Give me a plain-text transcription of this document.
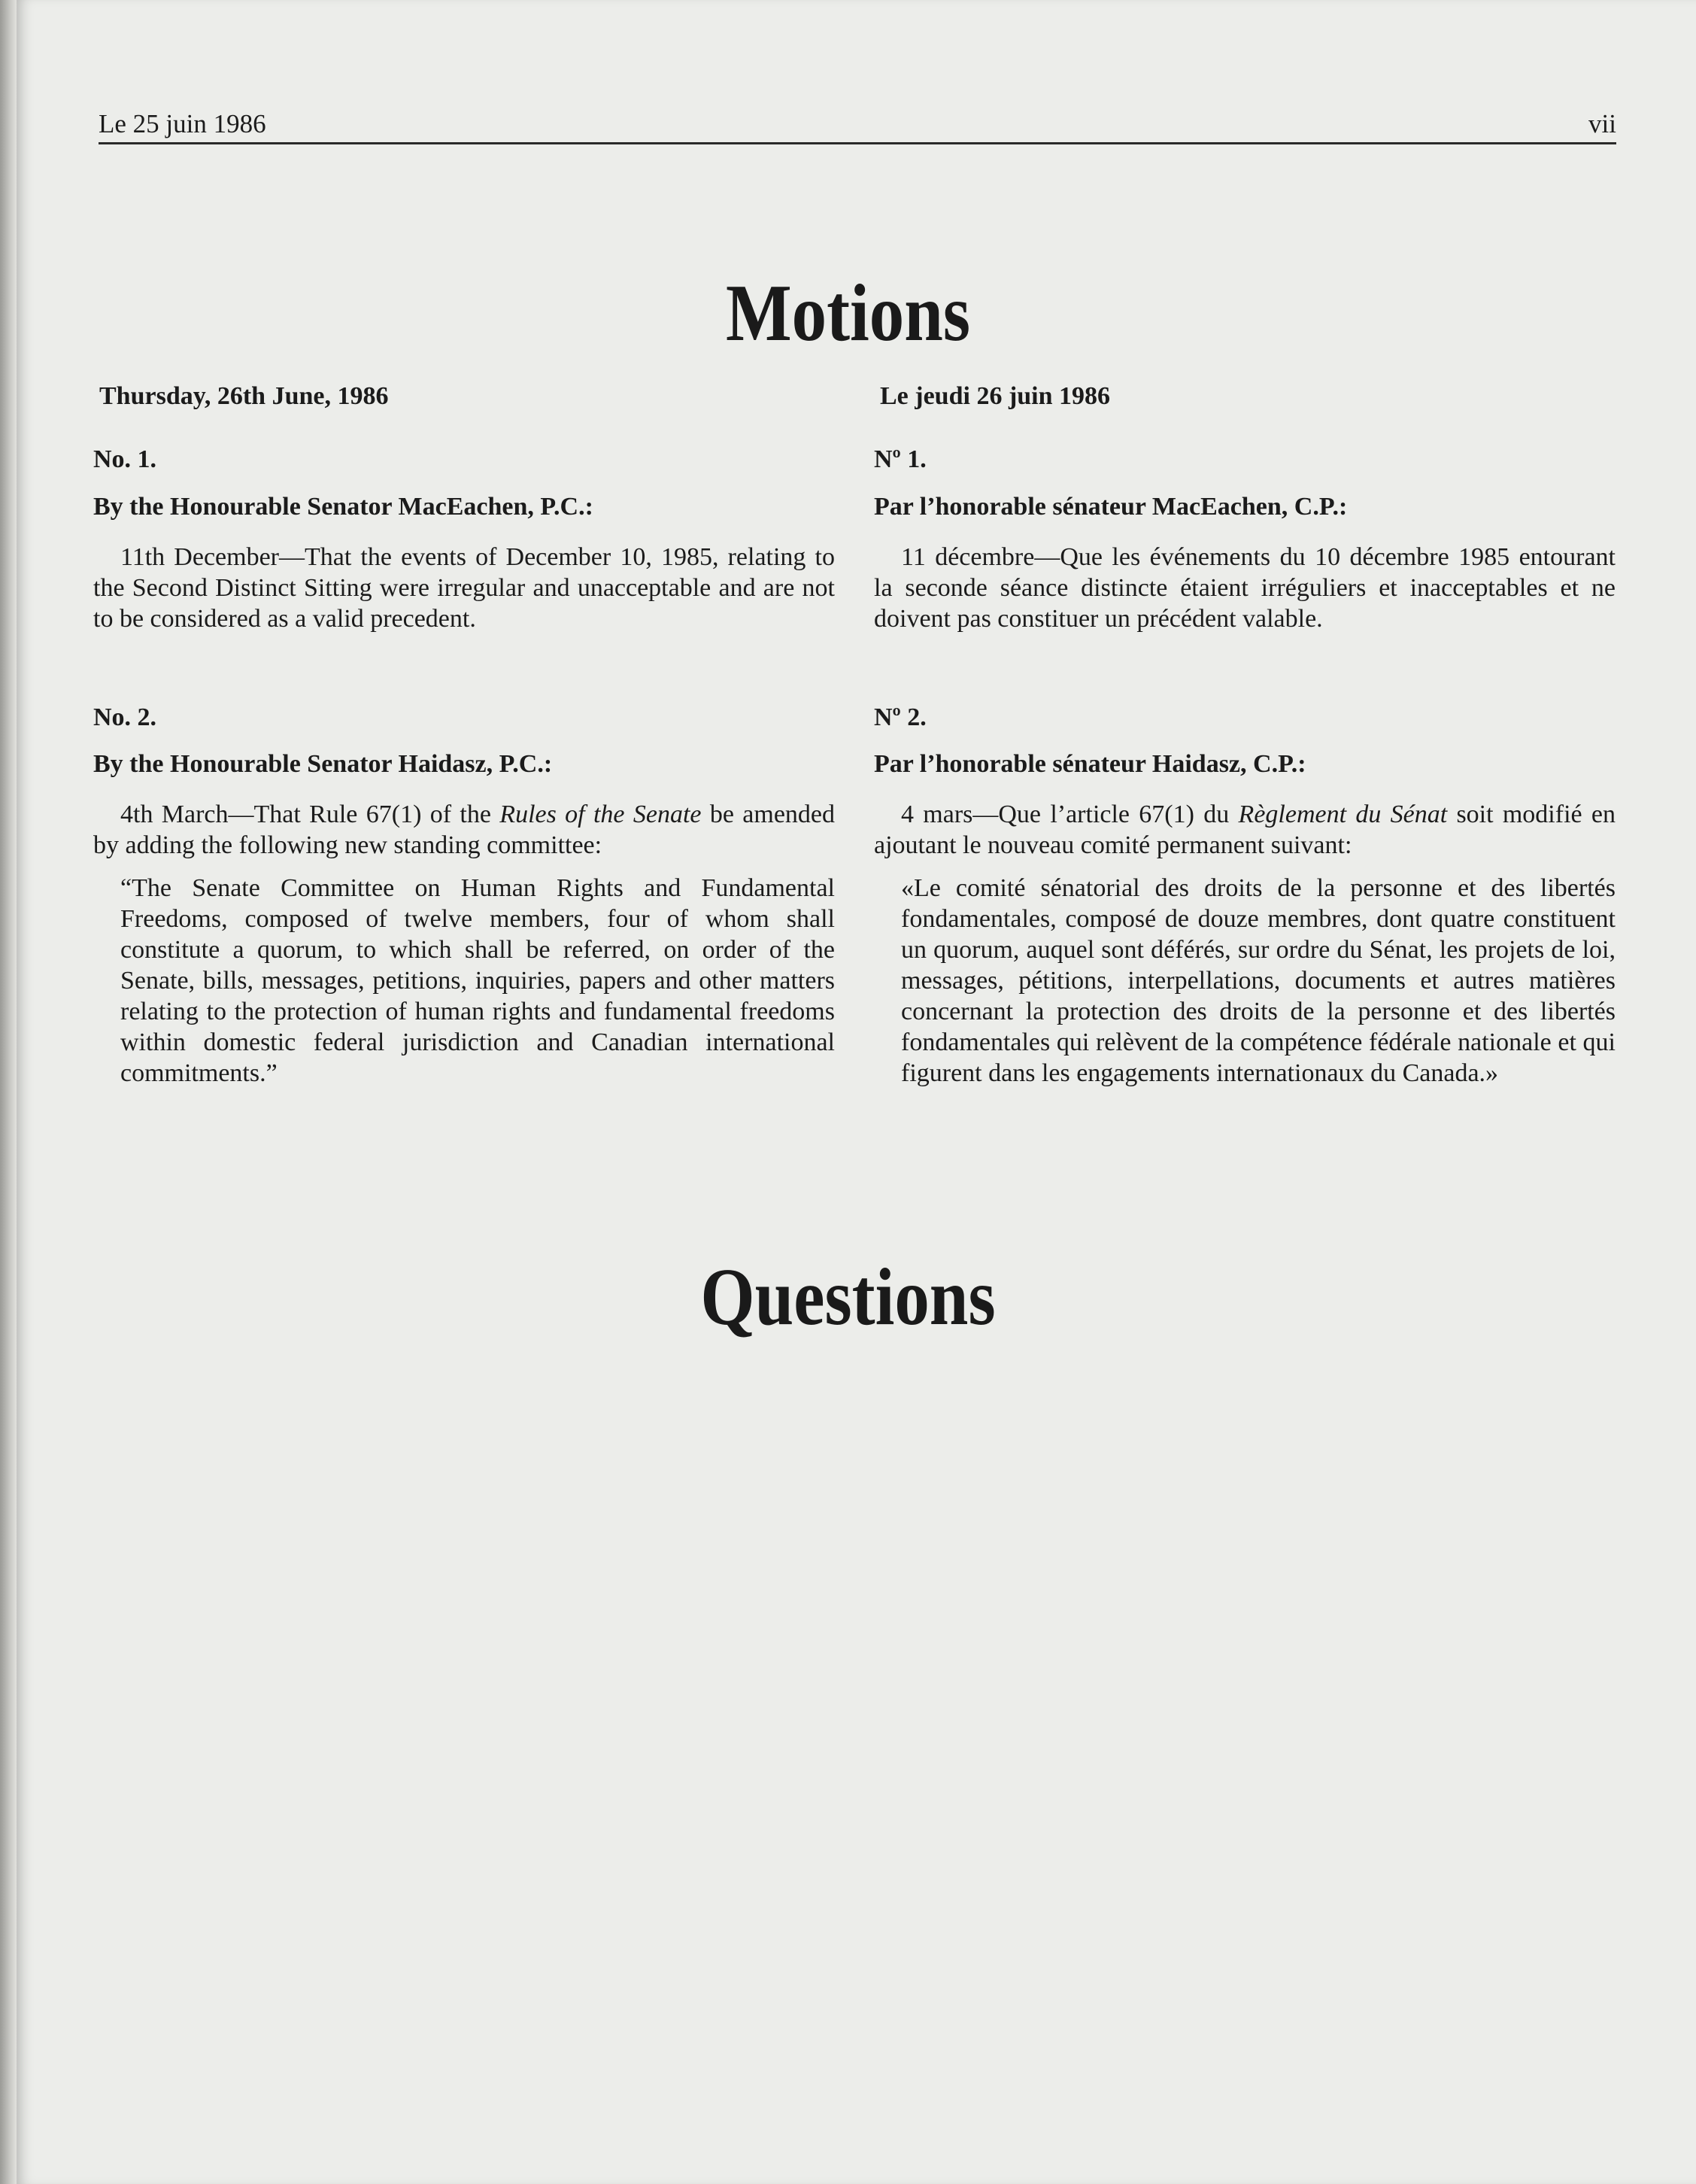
Le 25 juin 1986	vii
Motions
Thursday, 26th June, 1986
No. 1.
By the Honourable Senator MacEachen, P.C.:
11th December—That the events of December 10, 1985, relating to the Second Distinct Sitting were irregular and unacceptable and are not to be considered as a valid precedent.
No. 2.
By the Honourable Senator Haidasz, P.C.:
4th March—That Rule 67(1) of the Rules of the Senate be amended by adding the following new standing committee:
“The Senate Committee on Human Rights and Fundamental Freedoms, composed of twelve members, four of whom shall constitute a quorum, to which shall be referred, on order of the Senate, bills, messages, petitions, inquiries, papers and other matters relating to the protection of human rights and fundamental freedoms within domestic federal jurisdiction and Canadian international commitments.”
Le jeudi 26 juin 1986
Nº 1.
Par l’honorable sénateur MacEachen, C.P.:
11 décembre—Que les événements du 10 décembre 1985 entourant la seconde séance distincte étaient irréguliers et inacceptables et ne doivent pas constituer un précédent valable.
Nº 2.
Par l’honorable sénateur Haidasz, C.P.:
4 mars—Que l’article 67(1) du Règlement du Sénat soit modifié en ajoutant le nouveau comité permanent suivant:
«Le comité sénatorial des droits de la personne et des libertés fondamentales, composé de douze membres, dont quatre constituent un quorum, auquel sont déférés, sur ordre du Sénat, les projets de loi, messages, pétitions, interpellations, documents et autres matières concernant la protection des droits de la personne et des libertés fondamentales qui relèvent de la compétence fédérale nationale et qui figurent dans les engagements internationaux du Canada.»
Questions
